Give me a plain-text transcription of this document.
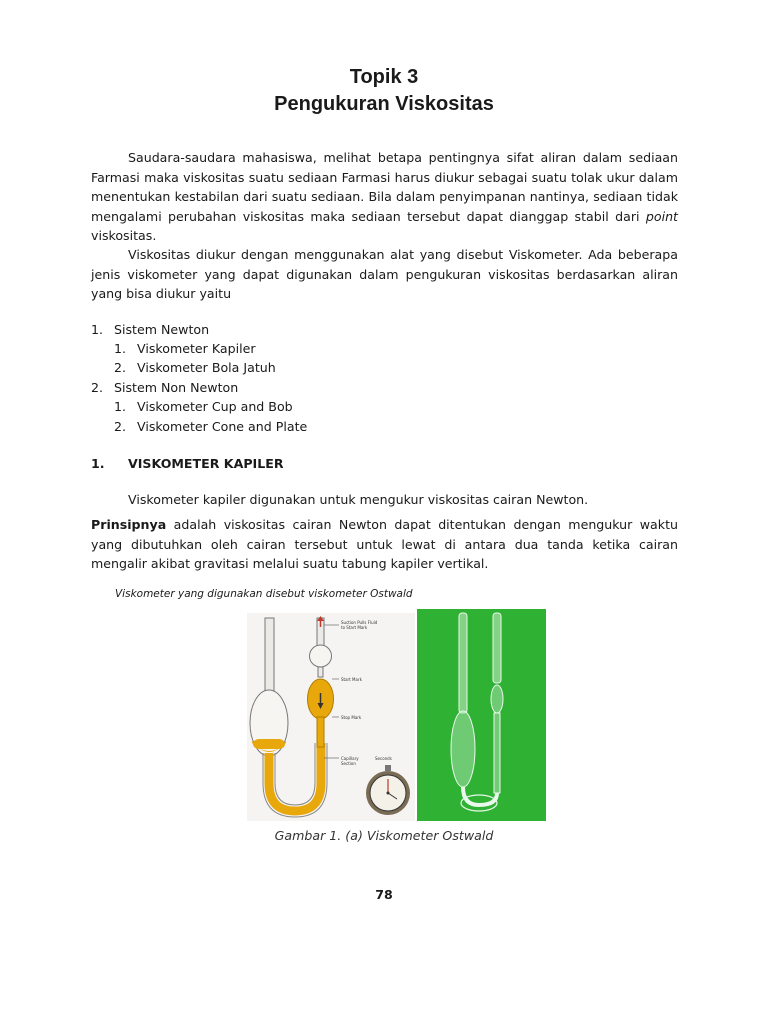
Topik 3
Pengukuran Viskositas
Saudara-saudara mahasiswa, melihat betapa pentingnya sifat aliran dalam sediaan Farmasi maka viskositas suatu sediaan Farmasi harus diukur sebagai suatu tolak ukur dalam menentukan kestabilan dari suatu sediaan. Bila dalam penyimpanan nantinya, sediaan tidak mengalami perubahan viskositas maka sediaan tersebut dapat dianggap stabil dari point viskositas.
Viskositas diukur dengan menggunakan alat yang disebut Viskometer. Ada beberapa jenis viskometer yang dapat digunakan dalam pengukuran viskositas berdasarkan aliran yang bisa diukur yaitu
1. Sistem Newton
1. Viskometer Kapiler
2. Viskometer Bola Jatuh
2. Sistem Non Newton
1. Viskometer Cup and Bob
2. Viskometer Cone and Plate
1. VISKOMETER KAPILER
Viskometer kapiler digunakan untuk mengukur viskositas cairan Newton.
Prinsipnya adalah viskositas cairan Newton dapat ditentukan dengan mengukur waktu yang dibutuhkan oleh cairan tersebut untuk lewat di antara dua tanda ketika cairan mengalir akibat gravitasi melalui suatu tabung kapiler vertikal.
Viskometer yang digunakan disebut viskometer Ostwald
Suction Pulls Fluid
to Start Mark
Start Mark
Stop Mark
Capillary
Section
Seconds
Gambar 1. (a) Viskometer Ostwald
78
